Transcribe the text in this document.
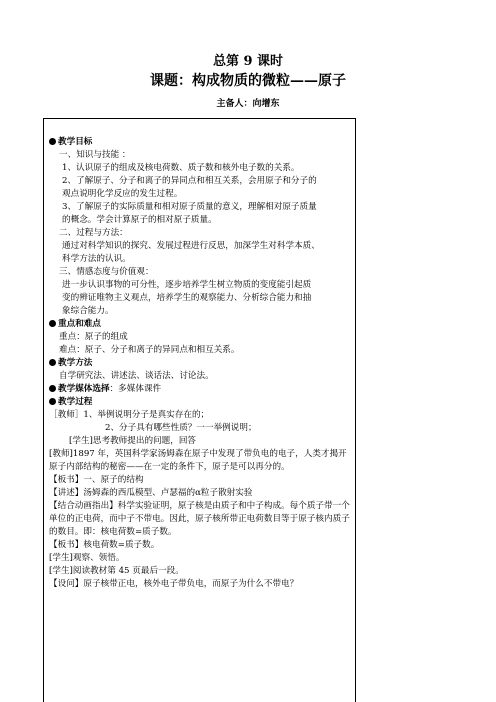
总第 9 课时
课题：构成物质的微粒——原子
主备人：向增东
教学目标
一、知识与技能 ：
1、认识原子的组成及核电荷数、质子数和核外电子数的关系。
2、了解原子、分子和离子的异同点和相互关系，会用原子和分子的
观点说明化学反应的发生过程。
3、了解原子的实际质量和相对原子质量的意义，理解相对原子质量
的概念。学会计算原子的相对原子质量。
二、过程与方法：
通过对科学知识的探究、发展过程进行反思，加深学生对科学本质、
科学方法的认识。
三、情感态度与价值观：
进一步认识事物的可分性，逐步培养学生树立物质的变度能引起质
变的辨证唯物主义观点，培养学生的观察能力、分析综合能力和抽
象综合能力。
重点和难点
重点：原子的组成
难点：原子、分子和离子的异同点和相互关系。
教学方法
自学研究法、讲述法、谈话法、讨论法。
教学媒体选择：多媒体课件
教学过程
［教师］1、举例说明分子是真实存在的；
2、分子具有哪些性质？一一举例说明；
[学生]思考教师提出的问题，回答
[教师]1897 年，英国科学家汤姆森在原子中发现了带负电的电子，人类才揭开原子内部结构的秘密——在一定的条件下，原子是可以再分的。
【板书】一、原子的结构
【讲述】汤姆森的西瓜模型、卢瑟福的α粒子散射实验
【结合动画指出】科学实验证明，原子核是由质子和中子构成。每个质子带一个单位的正电荷，而中子不带电。因此，原子核所带正电荷数目等于原子核内质子的数目。即：核电荷数=质子数。
【板书】核电荷数=质子数。
[学生]观察、领悟。
[学生]阅读教材第 45 页最后一段。
【设问】原子核带正电，核外电子带负电，而原子为什么不带电？
